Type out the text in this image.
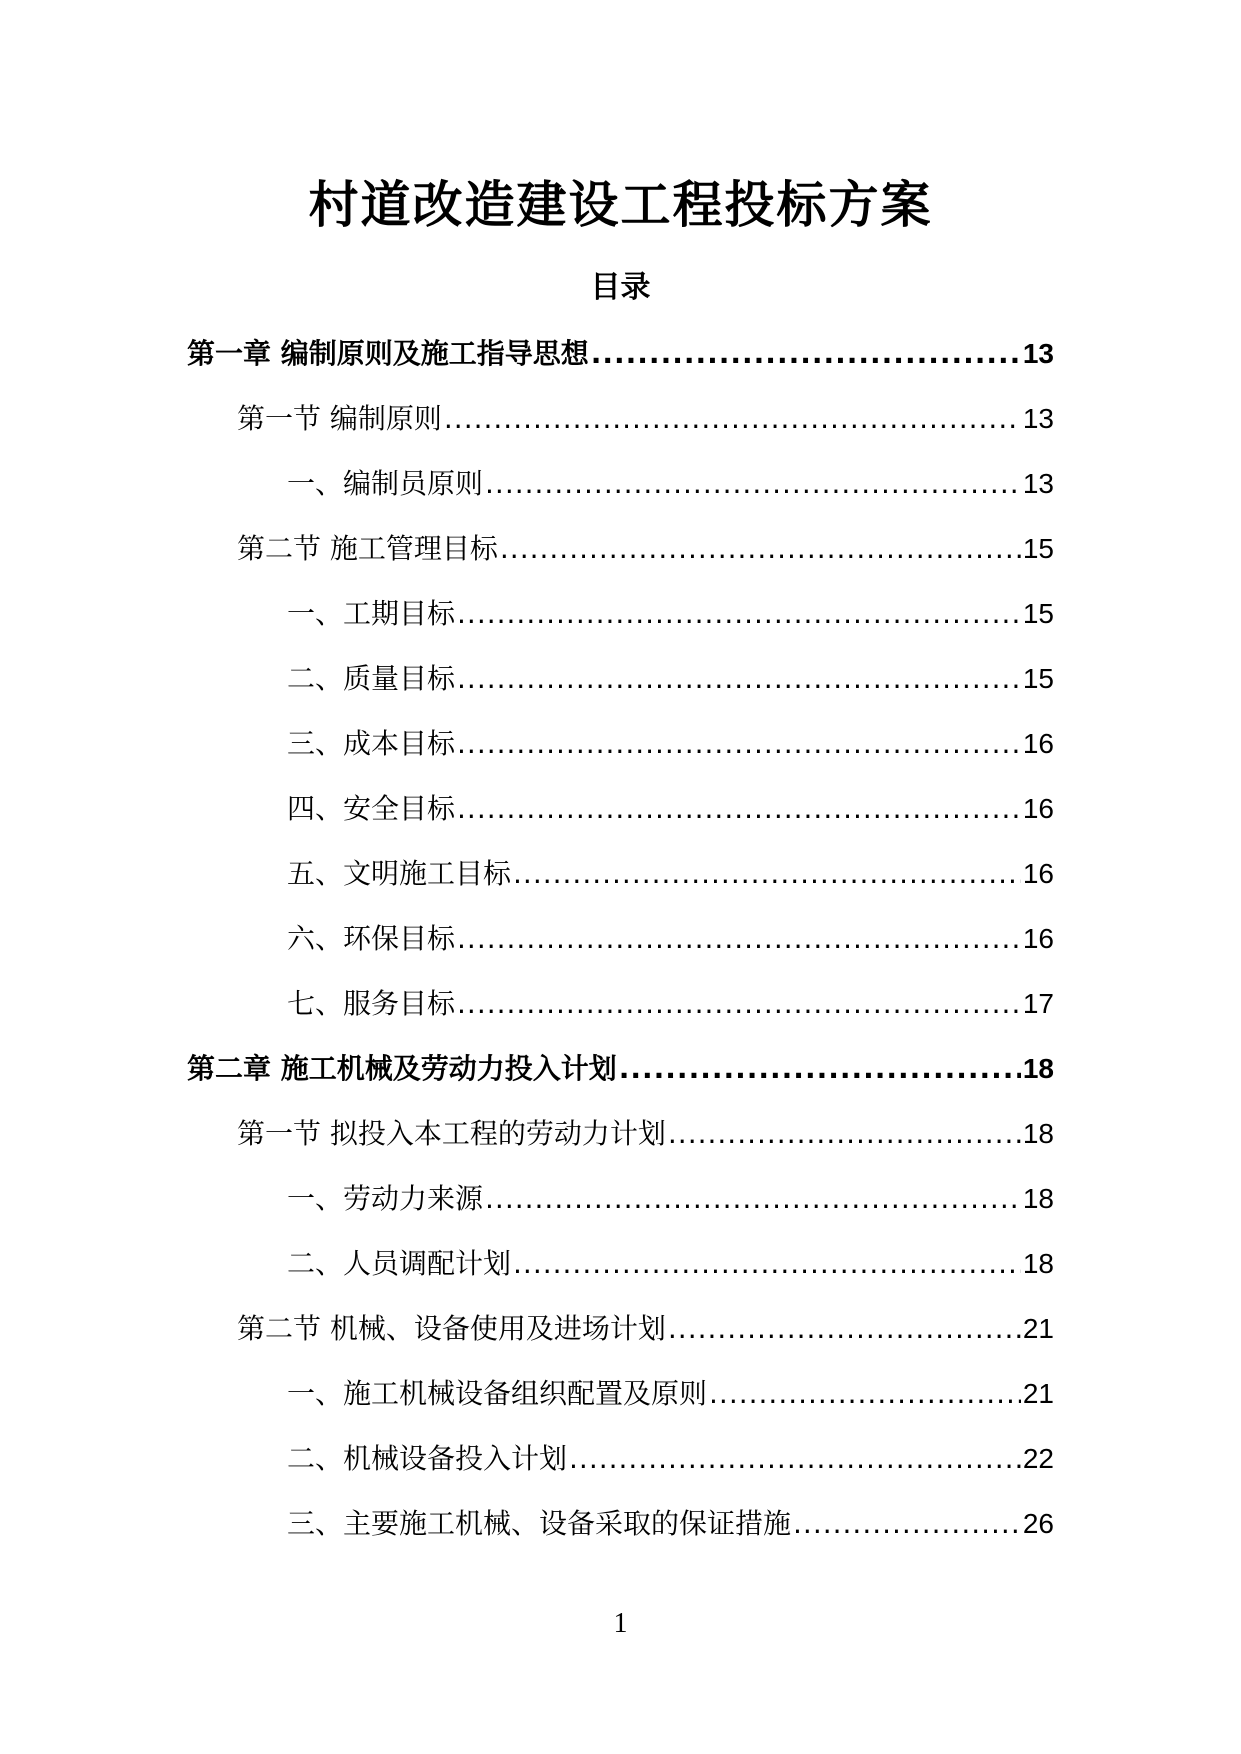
村道改造建设工程投标方案
目录
第一章 编制原则及施工指导思想 .....	13
第一节 编制原则 .....	13
一、编制员原则 .....	13
第二节 施工管理目标 .....	15
一、工期目标 .....	15
二、质量目标 .....	15
三、成本目标 .....	16
四、安全目标 .....	16
五、文明施工目标 .....	16
六、环保目标 .....	16
七、服务目标 .....	17
第二章 施工机械及劳动力投入计划 .....	18
第一节 拟投入本工程的劳动力计划 .....	18
一、劳动力来源 .....	18
二、人员调配计划 .....	18
第二节 机械、设备使用及进场计划 .....	21
一、施工机械设备组织配置及原则 .....	21
二、机械设备投入计划 .....	22
三、主要施工机械、设备采取的保证措施 .....	26
1
